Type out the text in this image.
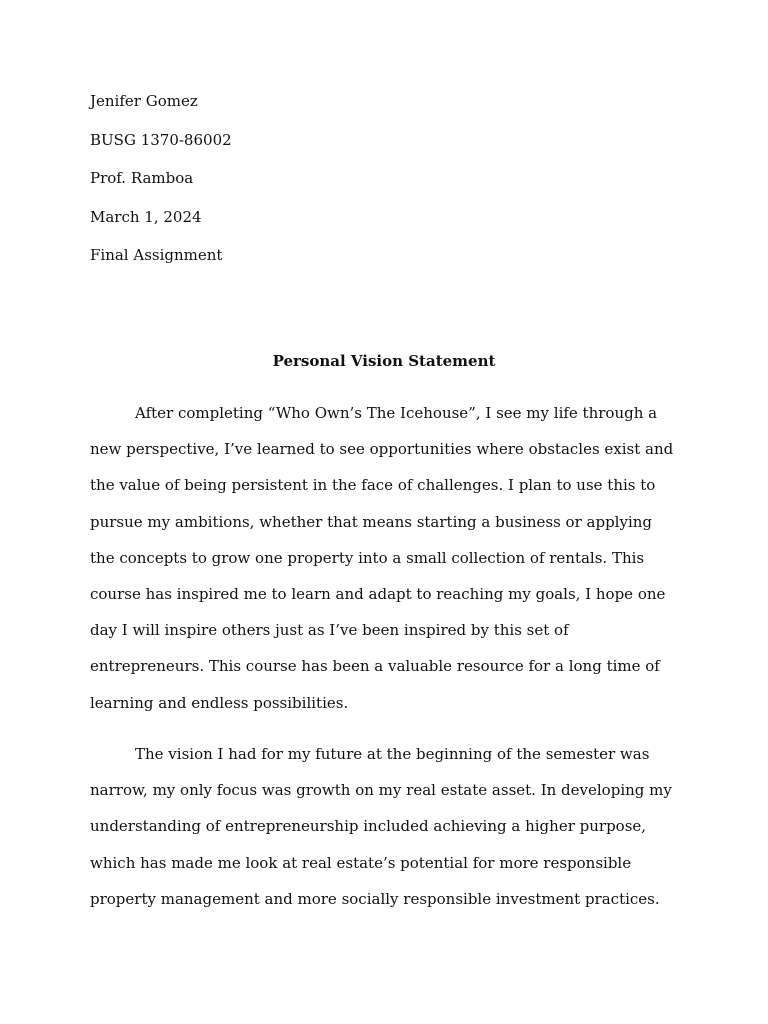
Jenifer Gomez
BUSG 1370-86002
Prof. Ramboa
March 1, 2024
Final Assignment
Personal Vision Statement
After completing “Who Own’s The Icehouse”, I see my life through a
new perspective, I’ve learned to see opportunities where obstacles exist and
the value of being persistent in the face of challenges. I plan to use this to
pursue my ambitions, whether that means starting a business or applying
the concepts to grow one property into a small collection of rentals. This
course has inspired me to learn and adapt to reaching my goals, I hope one
day I will inspire others just as I’ve been inspired by this set of
entrepreneurs. This course has been a valuable resource for a long time of
learning and endless possibilities.
The vision I had for my future at the beginning of the semester was
narrow, my only focus was growth on my real estate asset. In developing my
understanding of entrepreneurship included achieving a higher purpose,
which has made me look at real estate’s potential for more responsible
property management and more socially responsible investment practices.
